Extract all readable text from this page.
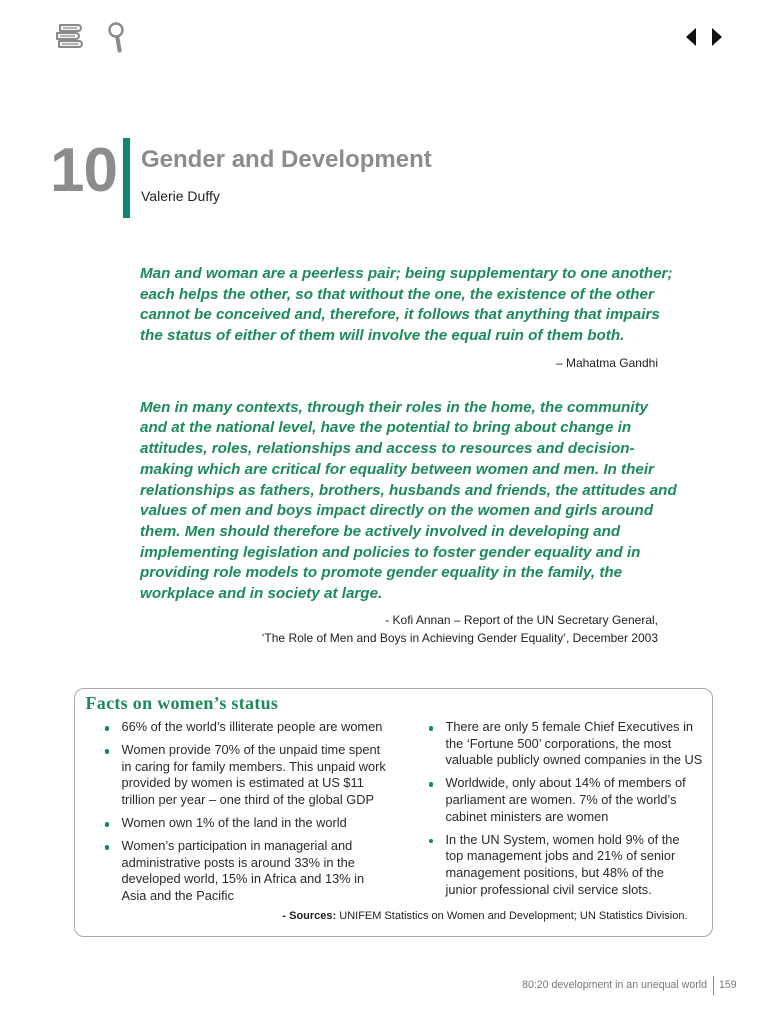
10 Gender and Development
Valerie Duffy
Man and woman are a peerless pair; being supplementary to one another;
each helps the other, so that without the one, the existence of the other
cannot be conceived and, therefore, it follows that anything that impairs
the status of either of them will involve the equal ruin of them both.
– Mahatma Gandhi
Men in many contexts, through their roles in the home, the community
and at the national level, have the potential to bring about change in
attitudes, roles, relationships and access to resources and decision-
making which are critical for equality between women and men. In their
relationships as fathers, brothers, husbands and friends, the attitudes and
values of men and boys impact directly on the women and girls around
them. Men should therefore be actively involved in developing and
implementing legislation and policies to foster gender equality and in
providing role models to promote gender equality in the family, the
workplace and in society at large.
- Kofi Annan – Report of the UN Secretary General,
‘The Role of Men and Boys in Achieving Gender Equality’, December 2003
Facts on women’s status
66% of the world’s illiterate people are women
Women provide 70% of the unpaid time spent
in caring for family members. This unpaid work
provided by women is estimated at US $11
trillion per year – one third of the global GDP
Women own 1% of the land in the world
Women’s participation in managerial and
administrative posts is around 33% in the
developed world, 15% in Africa and 13% in
Asia and the Pacific
There are only 5 female Chief Executives in
the ‘Fortune 500’ corporations, the most
valuable publicly owned companies in the US
Worldwide, only about 14% of members of
parliament are women. 7% of the world’s
cabinet ministers are women
In the UN System, women hold 9% of the
top management jobs and 21% of senior
management positions, but 48% of the
junior professional civil service slots.
- Sources: UNIFEM Statistics on Women and Development; UN Statistics Division.
80:20 development in an unequal world 159
